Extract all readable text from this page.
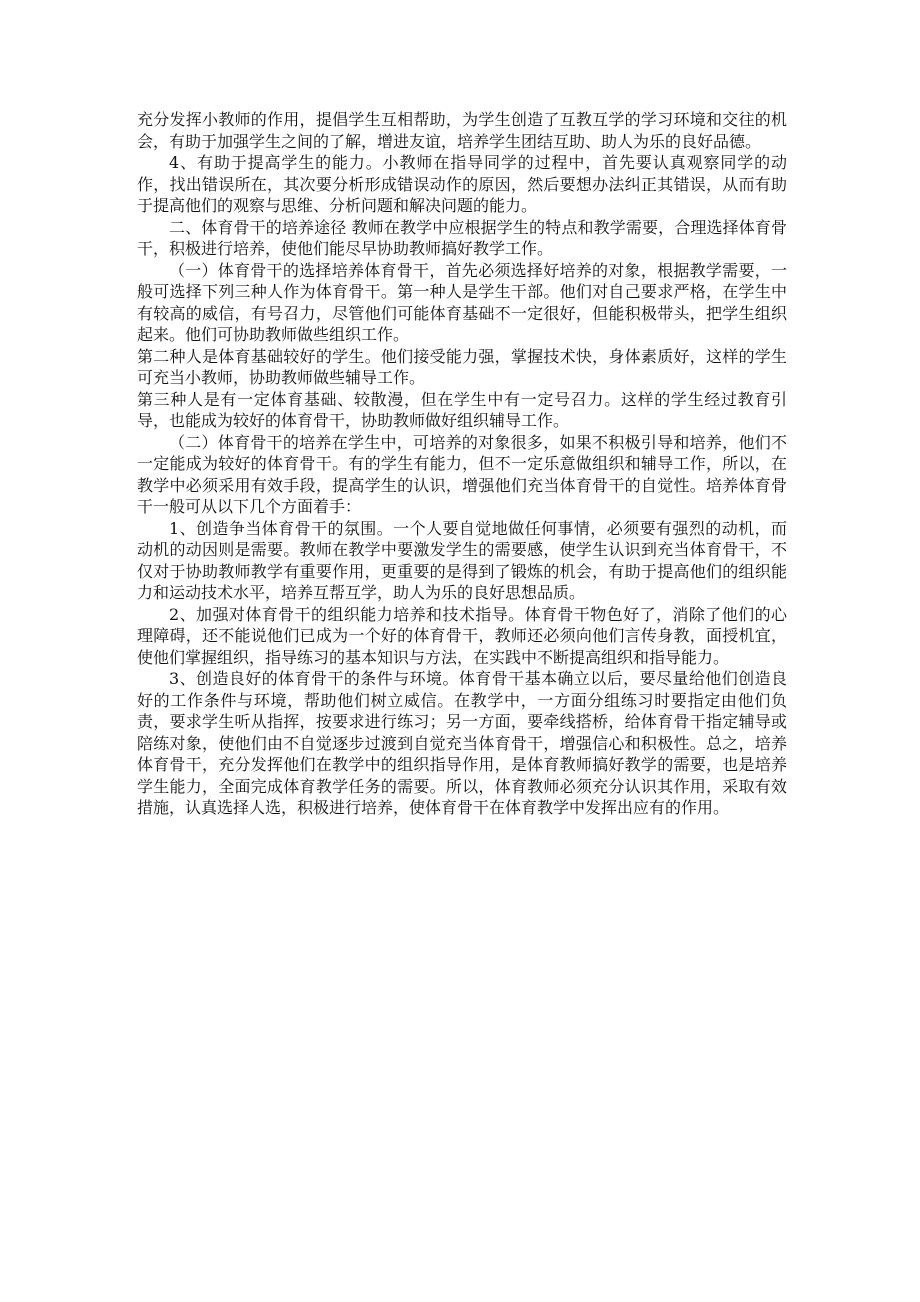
充分发挥小教师的作用，提倡学生互相帮助，为学生创造了互教互学的学习环境和交往的机会，有助于加强学生之间的了解，增进友谊，培养学生团结互助、助人为乐的良好品德。

4、有助于提高学生的能力。小教师在指导同学的过程中，首先要认真观察同学的动作，找出错误所在，其次要分析形成错误动作的原因，然后要想办法纠正其错误，从而有助于提高他们的观察与思维、分析问题和解决问题的能力。

二、体育骨干的培养途径 教师在教学中应根据学生的特点和教学需要，合理选择体育骨干，积极进行培养，使他们能尽早协助教师搞好教学工作。

（一）体育骨干的选择培养体育骨干，首先必须选择好培养的对象，根据教学需要，一般可选择下列三种人作为体育骨干。第一种人是学生干部。他们对自己要求严格，在学生中有较高的威信，有号召力，尽管他们可能体育基础不一定很好，但能积极带头，把学生组织起来。他们可协助教师做些组织工作。

第二种人是体育基础较好的学生。他们接受能力强，掌握技术快，身体素质好，这样的学生可充当小教师，协助教师做些辅导工作。

第三种人是有一定体育基础、较散漫，但在学生中有一定号召力。这样的学生经过教育引导，也能成为较好的体育骨干，协助教师做好组织辅导工作。

（二）体育骨干的培养在学生中，可培养的对象很多，如果不积极引导和培养，他们不一定能成为较好的体育骨干。有的学生有能力，但不一定乐意做组织和辅导工作，所以，在教学中必须采用有效手段，提高学生的认识，增强他们充当体育骨干的自觉性。培养体育骨干一般可从以下几个方面着手：

1、创造争当体育骨干的氛围。一个人要自觉地做任何事情，必须要有强烈的动机，而动机的动因则是需要。教师在教学中要激发学生的需要感，使学生认识到充当体育骨干，不仅对于协助教师教学有重要作用，更重要的是得到了锻炼的机会，有助于提高他们的组织能力和运动技术水平，培养互帮互学，助人为乐的良好思想品质。

2、加强对体育骨干的组织能力培养和技术指导。体育骨干物色好了，消除了他们的心理障碍，还不能说他们已成为一个好的体育骨干，教师还必须向他们言传身教，面授机宜，使他们掌握组织，指导练习的基本知识与方法，在实践中不断提高组织和指导能力。

3、创造良好的体育骨干的条件与环境。体育骨干基本确立以后，要尽量给他们创造良好的工作条件与环境，帮助他们树立威信。在教学中，一方面分组练习时要指定由他们负责，要求学生听从指挥，按要求进行练习；另一方面，要牵线搭桥，给体育骨干指定辅导或陪练对象，使他们由不自觉逐步过渡到自觉充当体育骨干，增强信心和积极性。总之，培养体育骨干，充分发挥他们在教学中的组织指导作用，是体育教师搞好教学的需要，也是培养学生能力，全面完成体育教学任务的需要。所以，体育教师必须充分认识其作用，采取有效措施，认真选择人选，积极进行培养，使体育骨干在体育教学中发挥出应有的作用。
